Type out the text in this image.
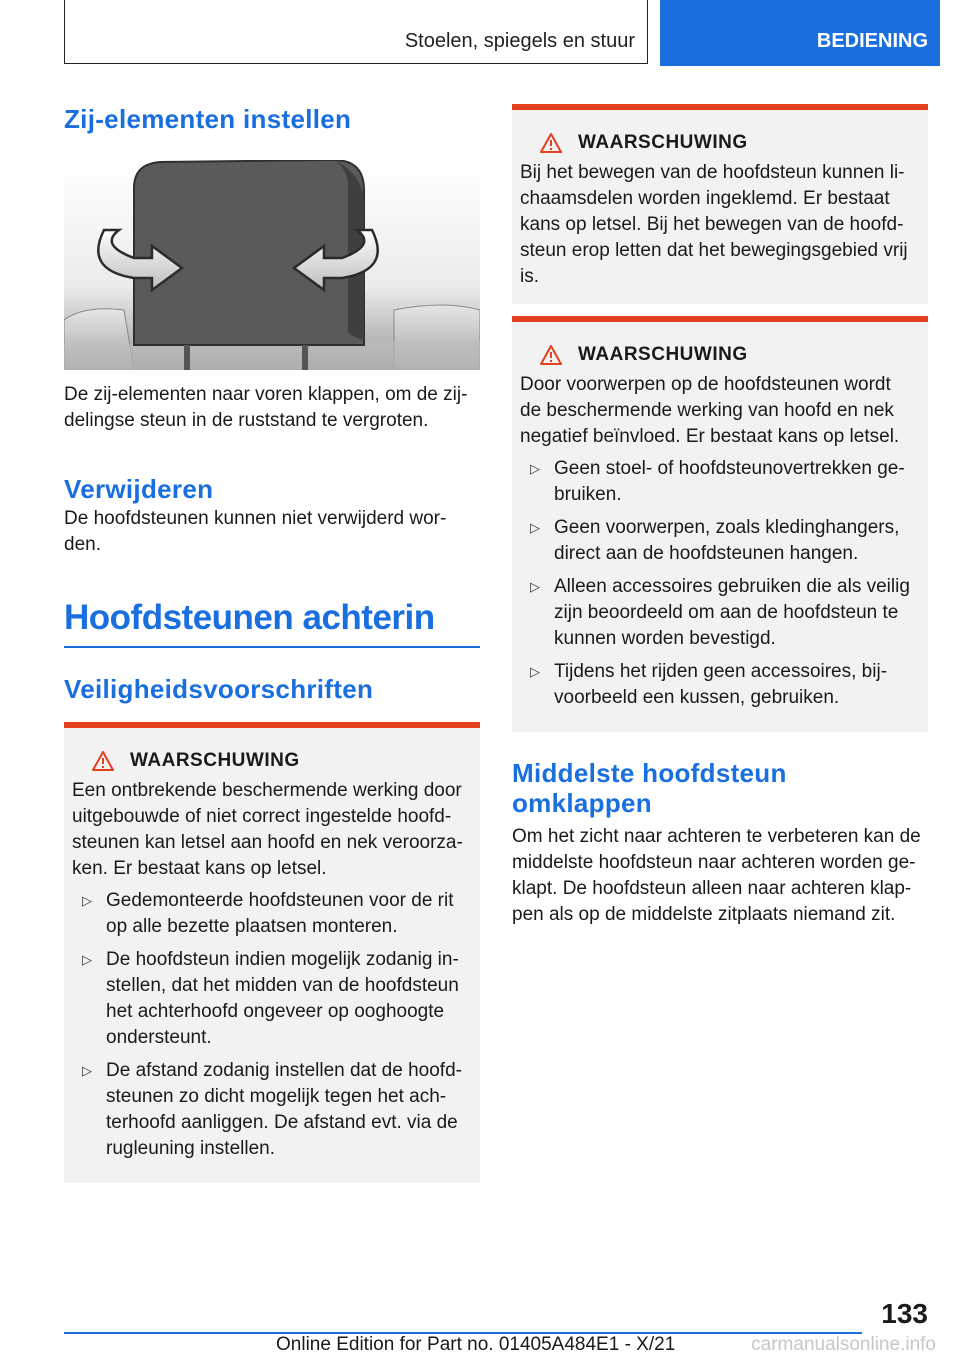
Stoelen, spiegels en stuur	BEDIENING
Zij-elementen instellen

De zij-elementen naar voren klappen, om de zij-delingse steun in de ruststand te vergroten.

Verwijderen

De hoofdsteunen kunnen niet verwijderd wor-den.

Hoofdsteunen achterin
Veiligheidsvoorschriften
WAARSCHUWING

Een ontbrekende beschermende werking door uitgebouwde of niet correct ingestelde hoofd-steunen kan letsel aan hoofd en nek veroorza-ken. Er bestaat kans op letsel.

▷ Gedemonteerde hoofdsteunen voor de rit op alle bezette plaatsen monteren.
▷ De hoofdsteun indien mogelijk zodanig in-stellen, dat het midden van de hoofdsteun het achterhoofd ongeveer op ooghoogte ondersteunt.
▷ De afstand zodanig instellen dat de hoofd-steunen zo dicht mogelijk tegen het ach-terhoofd aanliggen. De afstand evt. via de rugleuning instellen.
WAARSCHUWING

Bij het bewegen van de hoofdsteun kunnen li-chaamsdelen worden ingeklemd. Er bestaat kans op letsel. Bij het bewegen van de hoofd-steun erop letten dat het bewegingsgebied vrij is.

WAARSCHUWING

Door voorwerpen op de hoofdsteunen wordt de beschermende werking van hoofd en nek negatief beïnvloed. Er bestaat kans op letsel.

▷ Geen stoel- of hoofdsteunovertrekken ge-bruiken.
▷ Geen voorwerpen, zoals kledinghangers, direct aan de hoofdsteunen hangen.
▷ Alleen accessoires gebruiken die als veilig zijn beoordeeld om aan de hoofdsteun te kunnen worden bevestigd.
▷ Tijdens het rijden geen accessoires, bij-voorbeeld een kussen, gebruiken.
Middelste hoofdsteun omklappen

Om het zicht naar achteren te verbeteren kan de middelste hoofdsteun naar achteren worden ge-klapt. De hoofdsteun alleen naar achteren klap-pen als op de middelste zitplaats niemand zit.

133
Online Edition for Part no. 01405A484E1 - X/21	carmanualsonline.info
